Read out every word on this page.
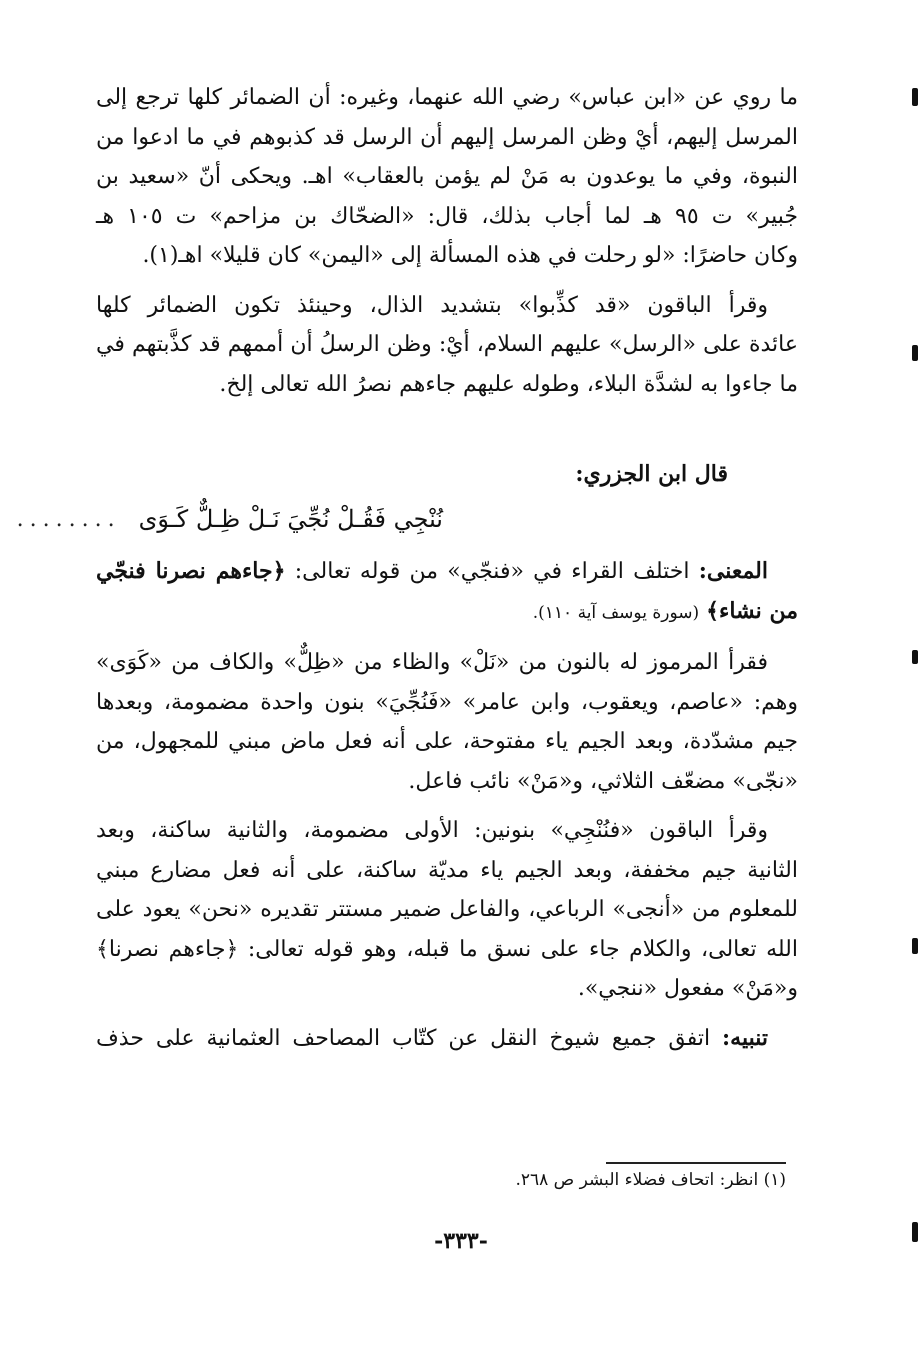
ما روي عن «ابن عباس» رضي الله عنهما، وغيره: أن الضمائر كلها ترجع إلى
المرسل إليهم، أيْ وظن المرسل إليهم أن الرسل قد كذبوهم في ما ادعوا من
النبوة، وفي ما يوعدون به مَنْ لم يؤمن بالعقاب» اهـ. ويحكى أنّ «سعيد بن
جُبير» ت ٩٥ هـ لما أجاب بذلك، قال: «الضحّاك بن مزاحم» ت ١٠٥ هـ
وكان حاضرًا: «لو رحلت في هذه المسألة إلى «اليمن» كان قليلا» اهـ(١).

وقرأ الباقون «قد كذِّبوا» بتشديد الذال، وحينئذ تكون الضمائر كلها
عائدة على «الرسل» عليهم السلام، أيْ: وظن الرسلُ أن أممهم قد كذَّبتهم في
ما جاءوا به لشدَّة البلاء، وطوله عليهم جاءهم نصرُ الله تعالى إلخ.

قال ابن الجزري:

نُنْجِي فَقُـلْ نُجِّيَ نَـلْ ظِـلٌّ كَـوَى
........

المعنى: اختلف القراء في «فنجّي» من قوله تعالى: ﴿جاءهم نصرنا فنجّي
من نشاء﴾ (سورة يوسف آية ١١٠).

فقرأ المرموز له بالنون من «نَلْ» والظاء من «ظِلٌّ» والكاف من «كَوَى»
وهم: «عاصم، ويعقوب، وابن عامر» «فَنُجِّيَ» بنون واحدة مضمومة، وبعدها
جيم مشدّدة، وبعد الجيم ياء مفتوحة، على أنه فعل ماض مبني للمجهول، من
«نجّى» مضعّف الثلاثي، و«مَنْ» نائب فاعل.

وقرأ الباقون «فنُنْجِي» بنونين: الأولى مضمومة، والثانية ساكنة، وبعد
الثانية جيم مخففة، وبعد الجيم ياء مديّة ساكنة، على أنه فعل مضارع مبني
للمعلوم من «أنجى» الرباعي، والفاعل ضمير مستتر تقديره «نحن» يعود على
الله تعالى، والكلام جاء على نسق ما قبله، وهو قوله تعالى: ﴿جاءهم نصرنا﴾
و«مَنْ» مفعول «ننجي».

تنبيه: اتفق جميع شيوخ النقل عن كتّاب المصاحف العثمانية على حذف

(١) انظر: اتحاف فضلاء البشر ص ٢٦٨.
-٣٣٣-
